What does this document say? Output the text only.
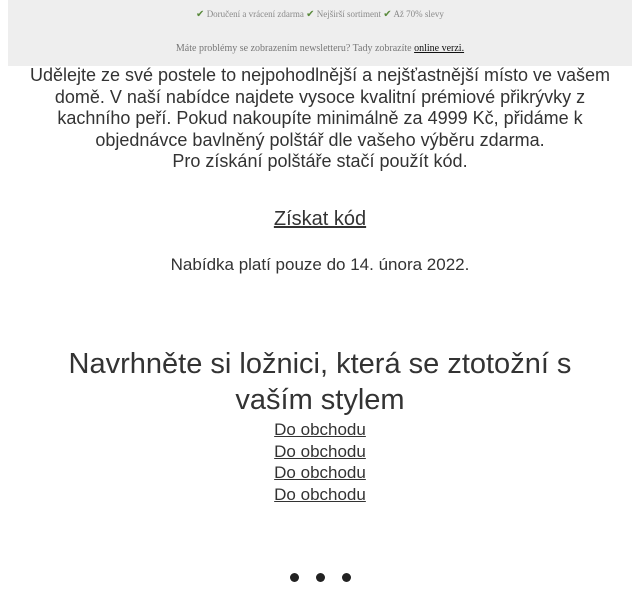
✔ Doručení a vrácení zdarma ✔ Nejširší sortiment ✔ Až 70% slevy
Máte problémy se zobrazením newsletteru? Tady zobrazíte online verzi.
Udělejte ze své postele to nejpohodlnější a nejšťastnější místo ve vašem
domě. V naší nabídce najdete vysoce kvalitní prémiové přikrývky z
kachního peří. Pokud nakoupíte minimálně za 4999 Kč, přidáme k
objednávce bavlněný polštář dle vašeho výběru zdarma.
Pro získání polštáře stačí použít kód.
Získat kód
Nabídka platí pouze do 14. února 2022.
Navrhněte si ložnici, která se ztotožní s vaším stylem
Do obchodu
Do obchodu
Do obchodu
Do obchodu
